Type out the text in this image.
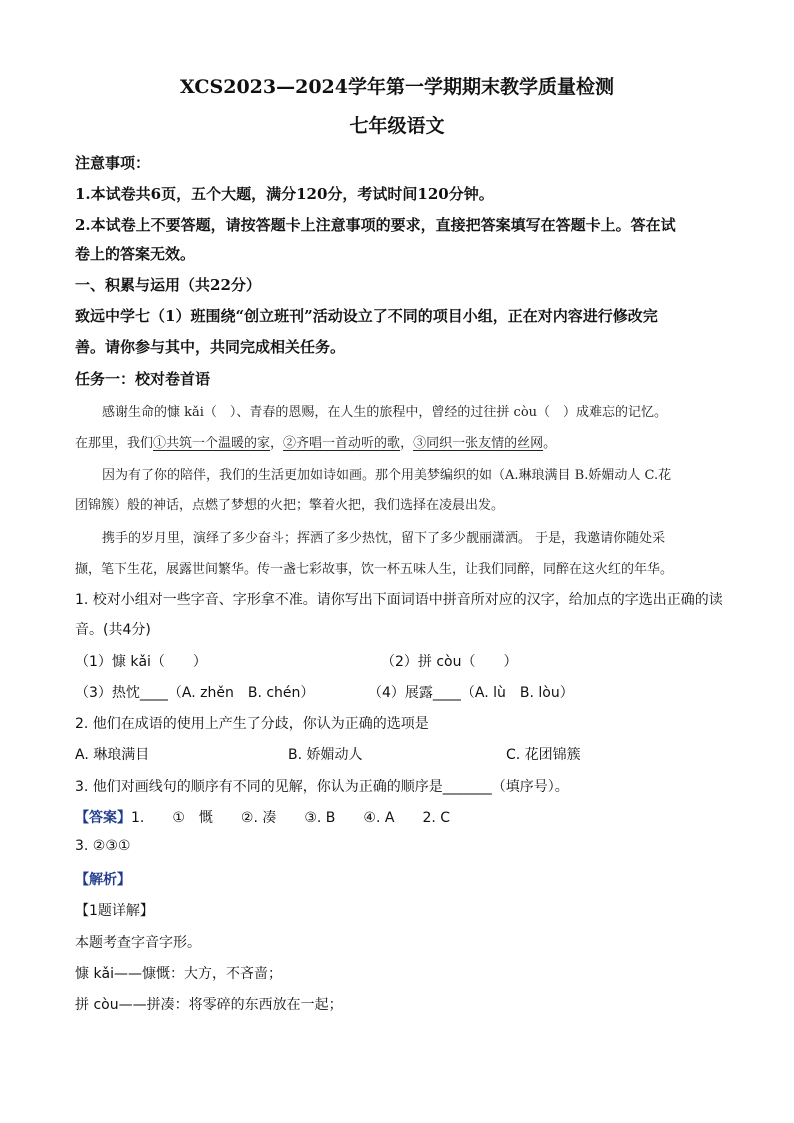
XCS2023—2024学年第一学期期末教学质量检测
七年级语文
注意事项：
1.本试卷共6页，五个大题，满分120分，考试时间120分钟。
2.本试卷上不要答题，请按答题卡上注意事项的要求，直接把答案填写在答题卡上。答在试
卷上的答案无效。
一、积累与运用（共22分）
致远中学七（1）班围绕“创立班刊”活动设立了不同的项目小组，正在对内容进行修改完
善。请你参与其中，共同完成相关任务。
任务一：校对卷首语
感谢生命的慷 kǎi（　）、青春的恩赐，在人生的旅程中，曾经的过往拼 còu（　）成难忘的记忆。
在那里，我们①共筑一个温暖的家，②齐唱一首动听的歌，③同织一张友情的丝网。
因为有了你的陪伴，我们的生活更加如诗如画。那个用美梦编织的如（A.琳琅满目 B.娇媚动人 C.花
团锦簇）般的神话，点燃了梦想的火把；擎着火把，我们选择在凌晨出发。
携手的岁月里，演绎了多少奋斗；挥洒了多少热忱，留下了多少靓丽潇洒。 于是，我邀请你随处采
撷，笔下生花，展露世间繁华。传一盏七彩故事，饮一杯五味人生，让我们同醉，同醉在这火红的年华。
1. 校对小组对一些字音、字形拿不准。请你写出下面词语中拼音所对应的汉字，给加点的字选出正确的读
音。(共4分)
（1）慷 kǎi（　　）	（2）拼 còu（　　）
（3）热忱____（A. zhěn　B. chén）	（4）展露____（A. lù　B. lòu）
2. 他们在成语的使用上产生了分歧，你认为正确的选项是
A. 琳琅满目	B. 娇媚动人	C. 花团锦簇
3. 他们对画线句的顺序有不同的见解，你认为正确的顺序是_______（填序号）。
【答案】1.　　①　慨　　②. 凑　　③. B　　④. A　　2. C
3. ②③①
【解析】
【1题详解】
本题考查字音字形。
慷 kǎi——慷慨：大方，不吝啬；
拼 còu——拼凑：将零碎的东西放在一起；
